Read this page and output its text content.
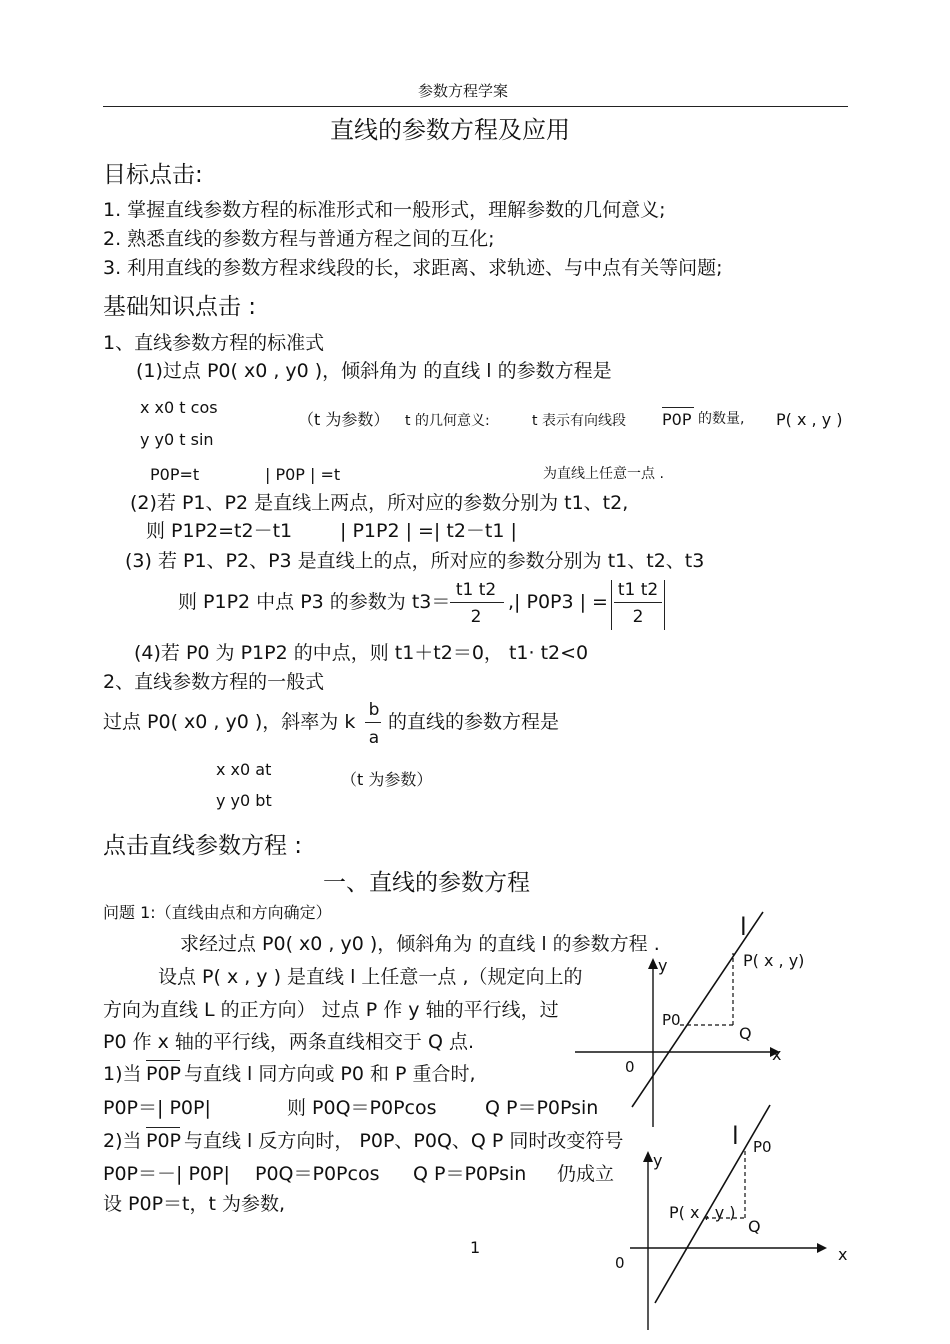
参数方程学案
直线的参数方程及应用
目标点击:
1. 掌握直线参数方程的标准形式和一般形式，理解参数的几何意义;
2. 熟悉直线的参数方程与普通方程之间的互化;
3. 利用直线的参数方程求线段的长，求距离、求轨迹、与中点有关等问题;
基础知识点击 :
1、直线参数方程的标准式
(1)过点 P0( x0 , y0 )，倾斜角为 的直线 l 的参数方程是
x x0 t cos
y y0 t sin
（t 为参数） t 的几何意义:	t 表示有向线段 P0P 的数量, P( x , y )
P0P=t	| P0P | =t	为直线上任意一点 .
(2)若 P1、P2 是直线上两点，所对应的参数分别为 t1、t2,
则 P1P2=t2－t1	| P1P2 | =| t2－t1 |
(3) 若 P1、P2、P3 是直线上的点，所对应的参数分别为 t1、t2、t3
则 P1P2 中点 P3 的参数为 t3＝
t1 t2
2
,| P0P3 | =
t1 t2
2
(4)若 P0 为 P1P2 的中点，则 t1＋t2＝0， t1· t2<0
2、直线参数方程的一般式
过点 P0( x0 , y0 )，斜率为 k
b
a
的直线的参数方程是
x x0 at
y y0 bt
（t 为参数）
点击直线参数方程 :
一、直线的参数方程
问题 1:（直线由点和方向确定）
求经过点 P0( x0 , y0 )，倾斜角为 的直线 l 的参数方程 .
设点 P( x , y ) 是直线 l 上任意一点 ,（规定向上的
方向为直线 L 的正方向） 过点 P 作 y 轴的平行线，过
P0 作 x 轴的平行线，两条直线相交于 Q 点.
1)当 P0P 与直线 l 同方向或 P0 和 P 重合时,
P0P＝| P0P|	则 P0Q＝P0Pcos	Q P＝P0Psin
2)当 P0P 与直线 l 反方向时， P0P、P0Q、Q P 同时改变符号
P0P＝－| P0P| P0Q＝P0Pcos Q P＝P0Psin 仍成立
设 P0P＝t，t 为参数,
l
y
x
0
P( x , y)
P0
Q
l P0
y
x
0
P( x , y )
Q
1
